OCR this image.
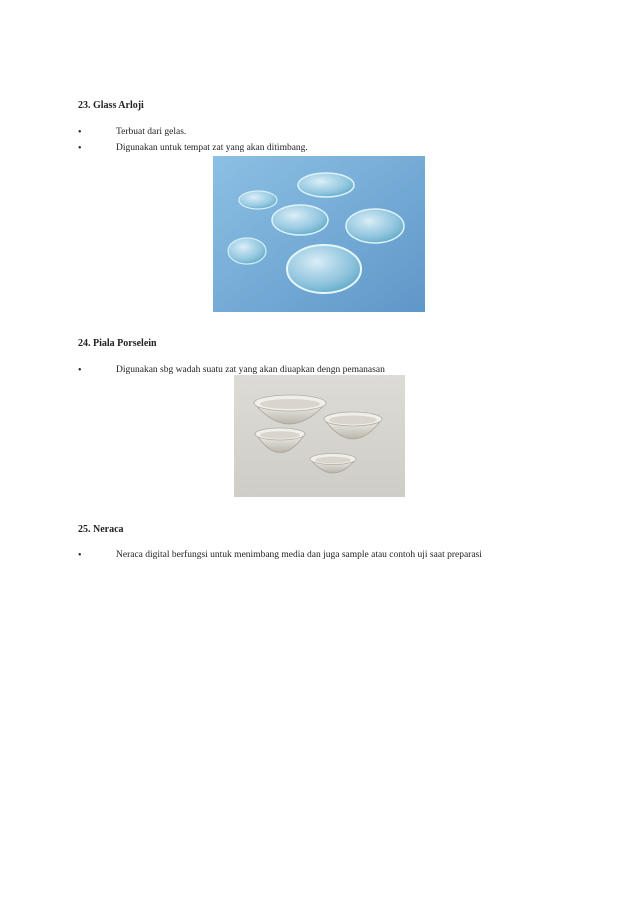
23. Glass Arloji

•	Terbuat dari gelas.
•	Digunakan untuk tempat zat yang akan ditimbang.

24. Piala Porselein

•	Digunakan sbg wadah suatu zat yang akan diuapkan dengn pemanasan

25. Neraca

•	Neraca digital berfungsi untuk menimbang media dan juga sample atau contoh uji saat preparasi
